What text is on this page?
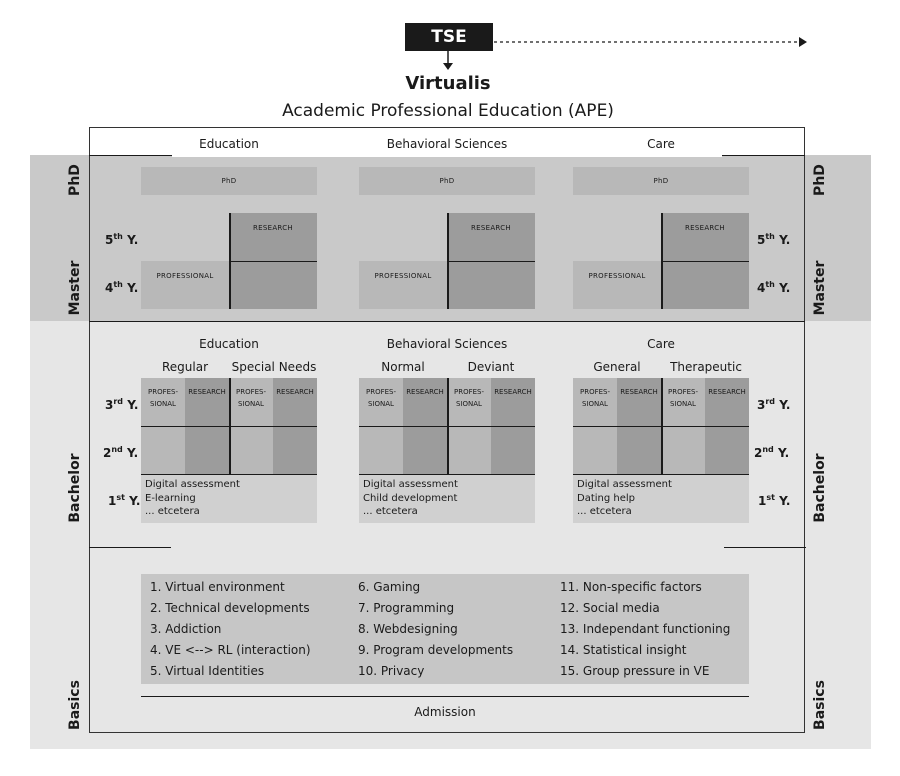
TSE
Virtualis
Academic Professional Education (APE)
PhD
Master
Bachelor
Basics
PhD
Master
Bachelor
Basics
5th Y.
4th Y.
3rd Y.
2nd Y.
1st Y.
5th Y.
4th Y.
3rd Y.
2nd Y.
1st Y.
Education
PhD
RESEARCH
PROFESSIONAL
Behavioral Sciences
PhD
RESEARCH
PROFESSIONAL
Care
PhD
RESEARCH
PROFESSIONAL
Education
Regular	Special Needs
PROFES-
SIONAL
RESEARCH	PROFES-
SIONAL
RESEARCH
Digital assessment
E-learning
... etcetera
Behavioral Sciences
Normal	Deviant
PROFES-
SIONAL
RESEARCH	PROFES-
SIONAL
RESEARCH
Digital assessment
Child development
... etcetera
Care
General	Therapeutic
PROFES-
SIONAL
RESEARCH	PROFES-
SIONAL
RESEARCH
Digital assessment
Dating help
... etcetera
1. Virtual environment
2. Technical developments
3. Addiction
4. VE <--> RL (interaction)
5. Virtual Identities
6. Gaming
7. Programming
8. Webdesigning
9. Program developments
10. Privacy
11. Non-specific factors
12. Social media
13. Independant functioning
14. Statistical insight
15. Group pressure in VE
Admission
